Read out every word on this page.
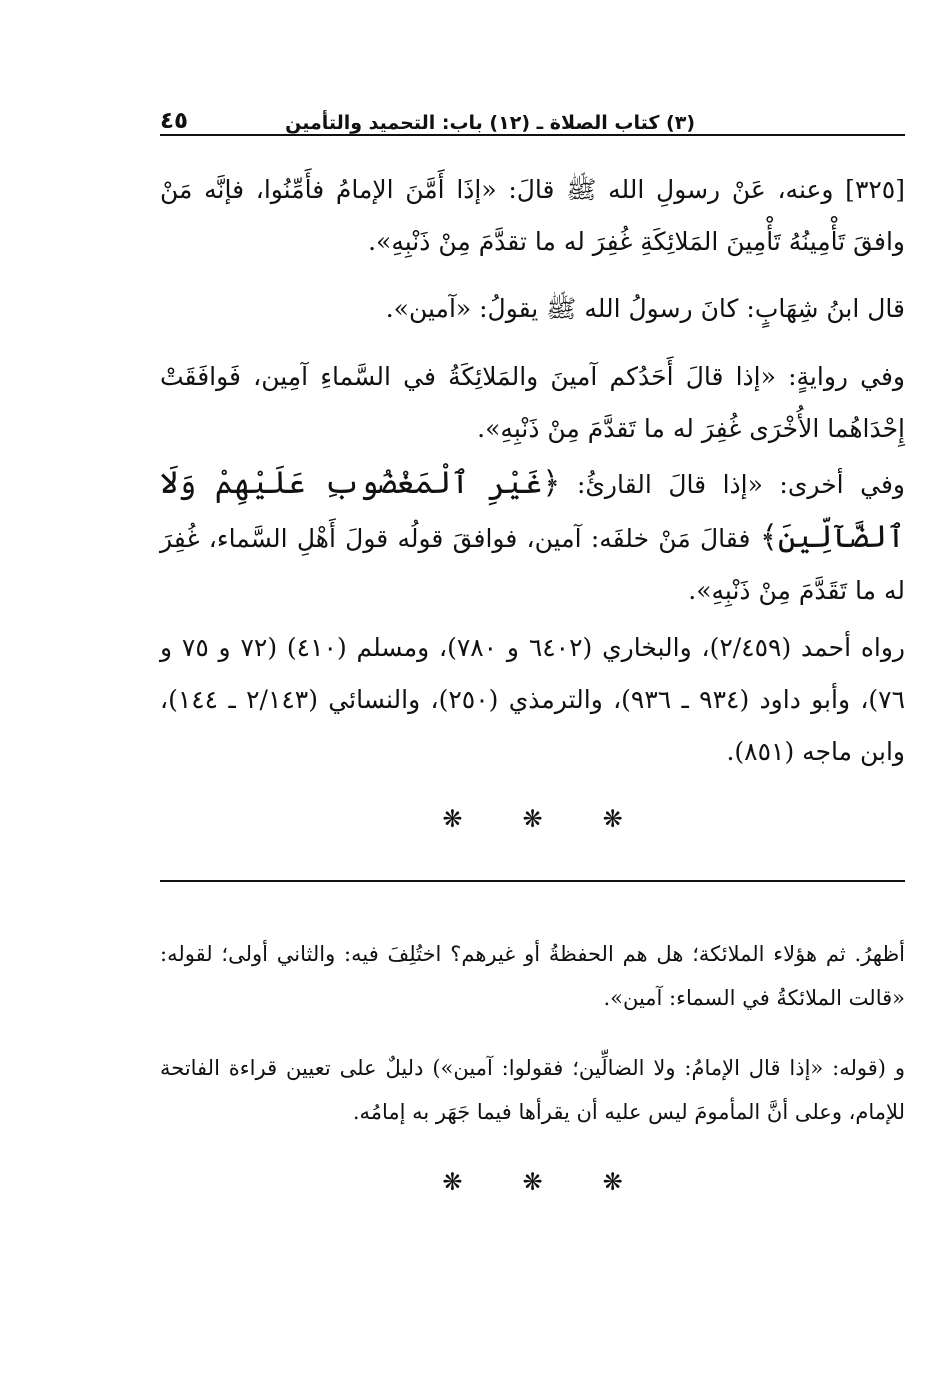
(٣) كتاب الصلاة ـ (١٢) باب: التحميد والتأمين
٤٥

[٣٢٥] وعنه، عَنْ رسولِ الله ﷺ قالَ: «إذَا أَمَّنَ الإمامُ فأَمِّنُوا، فإنَّه مَنْ وافقَ تَأْمِينُهُ تَأْمِينَ المَلائِكَةِ غُفِرَ له ما تقدَّمَ مِنْ ذَنْبِهِ».

قال ابنُ شِهَابٍ: كانَ رسولُ الله ﷺ يقولُ: «آمين».

وفي روايةٍ: «إذا قالَ أَحَدُكم آمينَ والمَلائِكَةُ في السَّماءِ آمِين، فَوافَقَتْ إِحْدَاهُما الأُخْرَى غُفِرَ له ما تَقدَّمَ مِنْ ذَنْبِهِ».

وفي أخرى: «إذا قالَ القارئُ: ﴿غَيْرِ ٱلْمَغْضُوبِ عَلَيْهِمْ وَلَا ٱلضَّآلِّينَ﴾ فقالَ مَنْ خلفَه: آمين، فوافقَ قولُه قولَ أَهْلِ السَّماء، غُفِرَ له ما تَقَدَّمَ مِنْ ذَنْبِهِ».

رواه أحمد (٢/٤٥٩)، والبخاري (٦٤٠٢ و ٧٨٠)، ومسلم (٤١٠) (٧٢ و ٧٥ و ٧٦)، وأبو داود (٩٣٤ ـ ٩٣٦)، والترمذي (٢٥٠)، والنسائي (٢/١٤٣ ـ ١٤٤)، وابن ماجه (٨٥١).

❋
❋
❋

أظهرُ. ثم هؤلاء الملائكة؛ هل هم الحفظةُ أو غيرهم؟ اختُلِفَ فيه: والثاني أولى؛ لقوله: «قالت الملائكةُ في السماء: آمين».

و (قوله: «إذا قال الإمامُ: ولا الضالِّين؛ فقولوا: آمين») دليلٌ على تعيين قراءة الفاتحة للإمام، وعلى أنَّ المأمومَ ليس عليه أن يقرأها فيما جَهَر به إمامُه.

❋
❋
❋
